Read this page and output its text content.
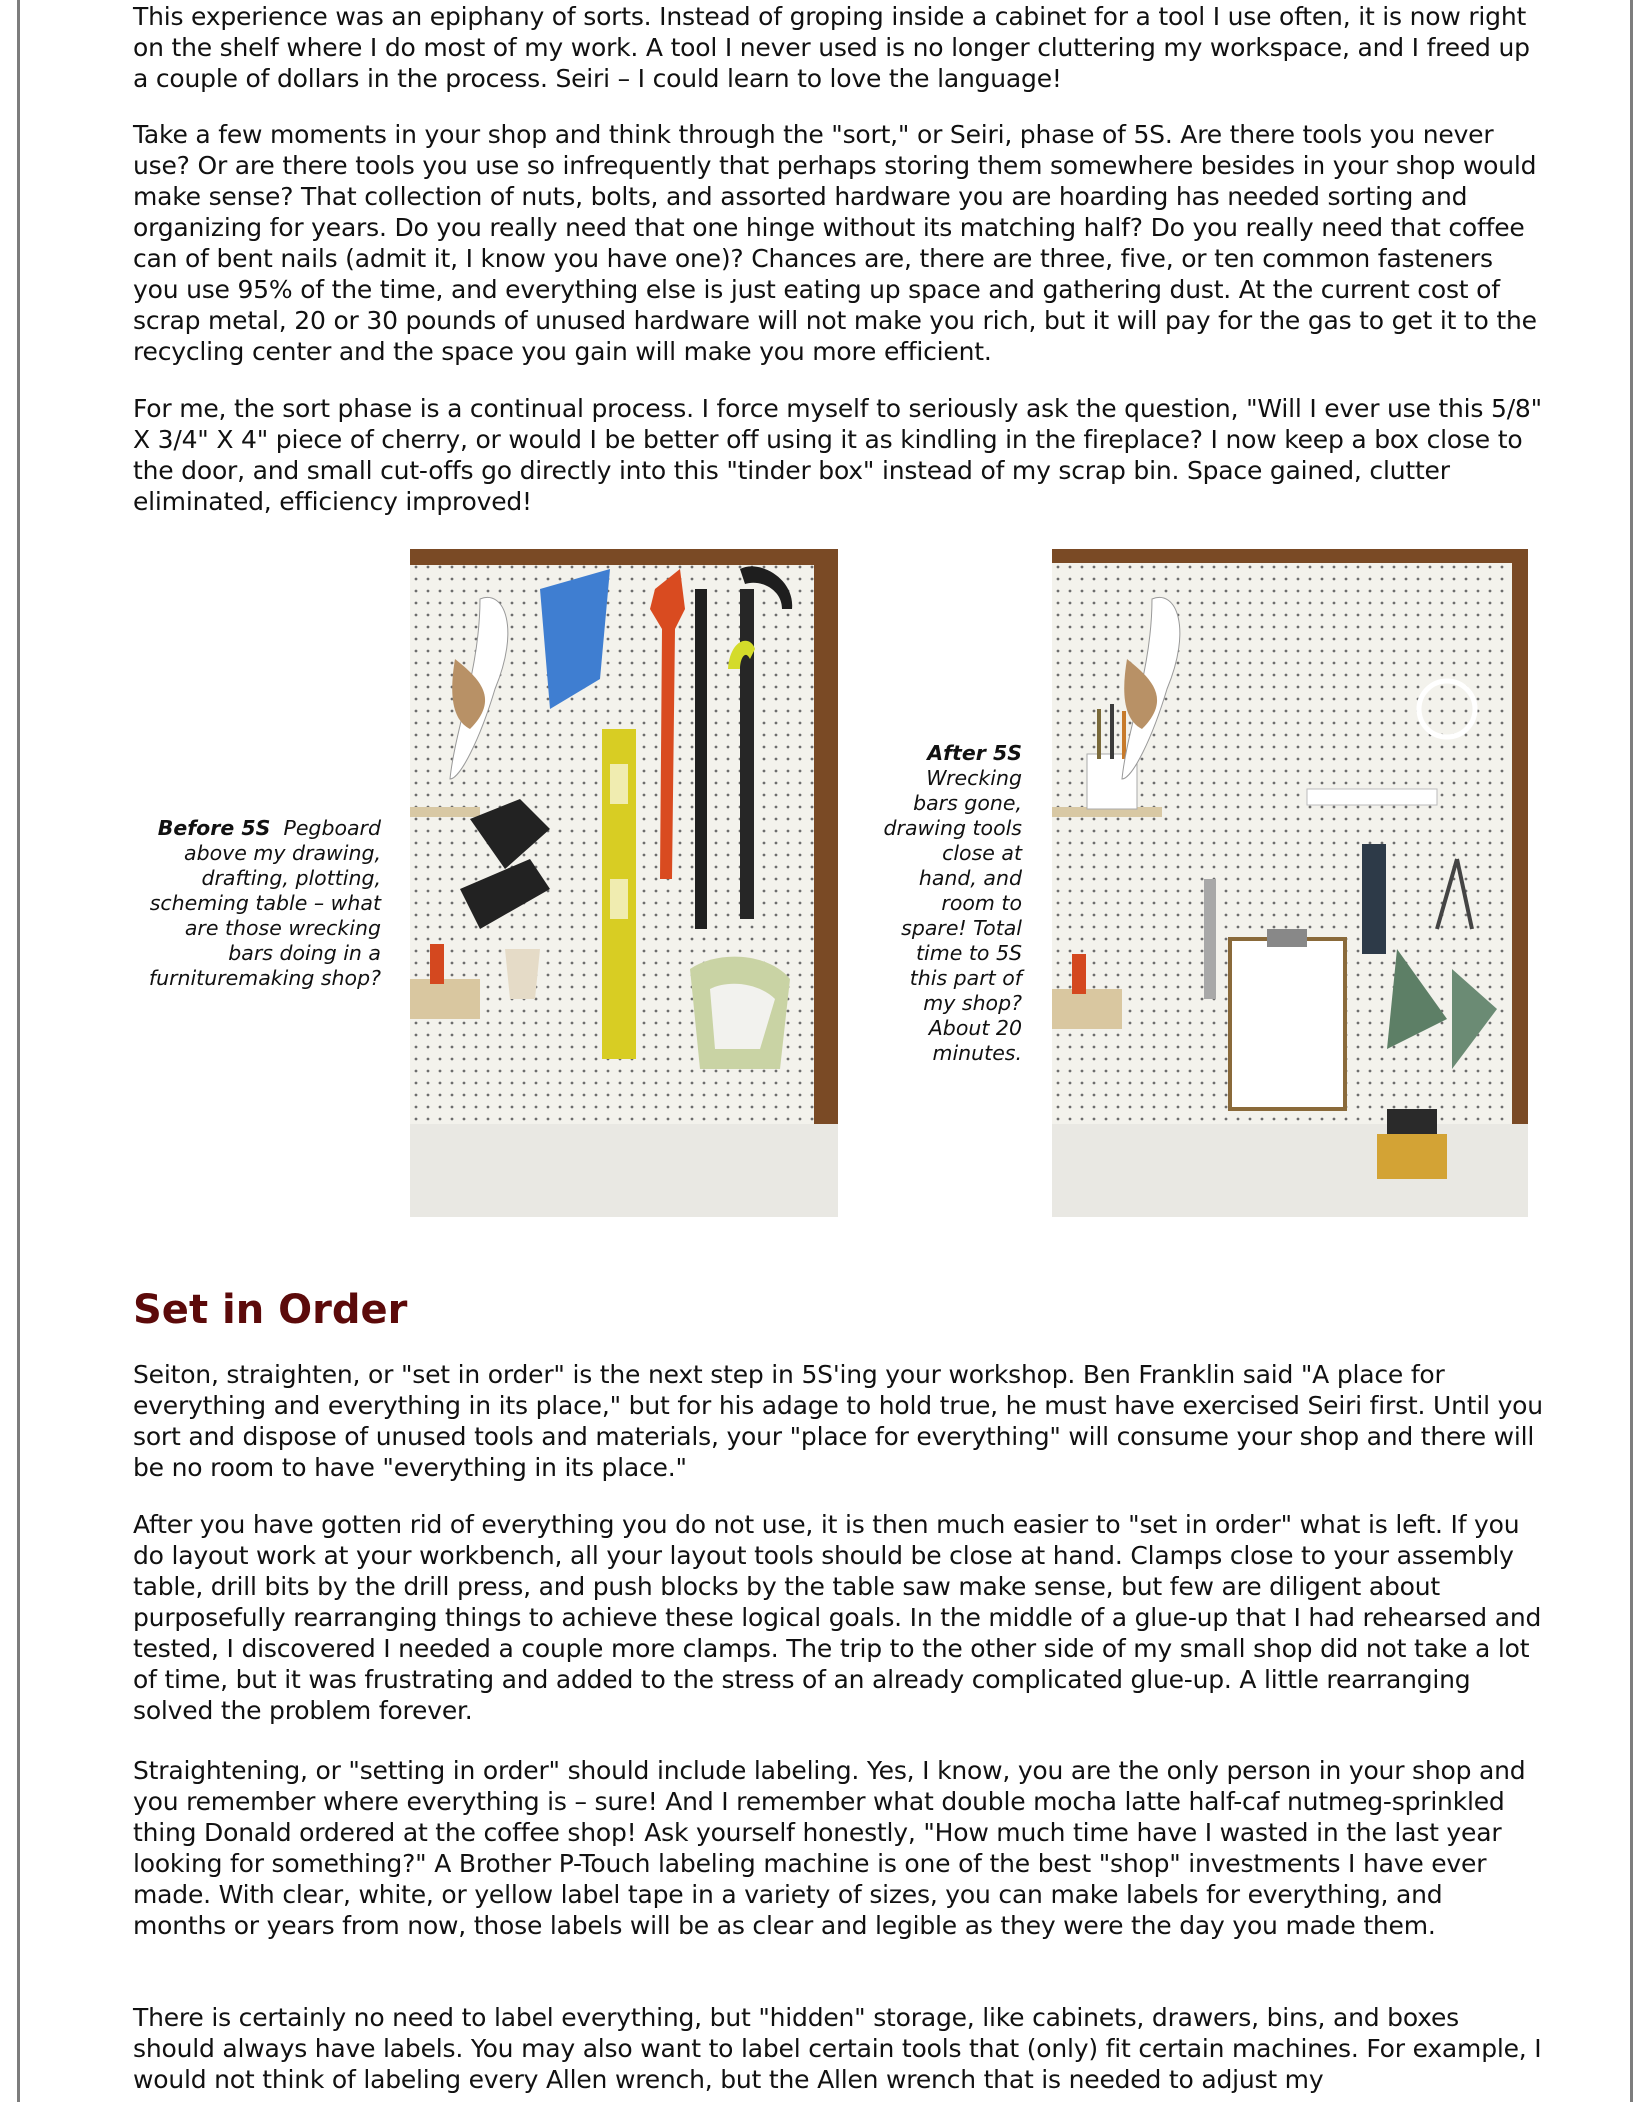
This experience was an epiphany of sorts. Instead of groping inside a cabinet for a tool I use often, it is now right on the shelf where I do most of my work. A tool I never used is no longer cluttering my workspace, and I freed up a couple of dollars in the process. Seiri – I could learn to love the language!

Take a few moments in your shop and think through the "sort," or Seiri, phase of 5S. Are there tools you never use? Or are there tools you use so infrequently that perhaps storing them somewhere besides in your shop would make sense? That collection of nuts, bolts, and assorted hardware you are hoarding has needed sorting and organizing for years. Do you really need that one hinge without its matching half? Do you really need that coffee can of bent nails (admit it, I know you have one)? Chances are, there are three, five, or ten common fasteners you use 95% of the time, and everything else is just eating up space and gathering dust. At the current cost of scrap metal, 20 or 30 pounds of unused hardware will not make you rich, but it will pay for the gas to get it to the recycling center and the space you gain will make you more efficient.

For me, the sort phase is a continual process. I force myself to seriously ask the question, "Will I ever use this 5/8" X 3/4" X 4" piece of cherry, or would I be better off using it as kindling in the fireplace? I now keep a box close to the door, and small cut-offs go directly into this "tinder box" instead of my scrap bin. Space gained, clutter eliminated, efficiency improved!

Before 5S Pegboard above my drawing, drafting, plotting, scheming table – what are those wrecking bars doing in a furnituremaking shop?
After 5S
Wrecking bars gone, drawing tools close at hand, and room to spare! Total time to 5S this part of my shop? About 20 minutes.
Set in Order

Seiton, straighten, or "set in order" is the next step in 5S'ing your workshop. Ben Franklin said "A place for everything and everything in its place," but for his adage to hold true, he must have exercised Seiri first. Until you sort and dispose of unused tools and materials, your "place for everything" will consume your shop and there will be no room to have "everything in its place."

After you have gotten rid of everything you do not use, it is then much easier to "set in order" what is left. If you do layout work at your workbench, all your layout tools should be close at hand. Clamps close to your assembly table, drill bits by the drill press, and push blocks by the table saw make sense, but few are diligent about purposefully rearranging things to achieve these logical goals. In the middle of a glue-up that I had rehearsed and tested, I discovered I needed a couple more clamps. The trip to the other side of my small shop did not take a lot of time, but it was frustrating and added to the stress of an already complicated glue-up. A little rearranging solved the problem forever.

Straightening, or "setting in order" should include labeling. Yes, I know, you are the only person in your shop and you remember where everything is – sure! And I remember what double mocha latte half-caf nutmeg-sprinkled thing Donald ordered at the coffee shop! Ask yourself honestly, "How much time have I wasted in the last year looking for something?" A Brother P-Touch labeling machine is one of the best "shop" investments I have ever made. With clear, white, or yellow label tape in a variety of sizes, you can make labels for everything, and months or years from now, those labels will be as clear and legible as they were the day you made them.

There is certainly no need to label everything, but "hidden" storage, like cabinets, drawers, bins, and boxes should always have labels. You may also want to label certain tools that (only) fit certain machines. For example, I would not think of labeling every Allen wrench, but the Allen wrench that is needed to adjust my
